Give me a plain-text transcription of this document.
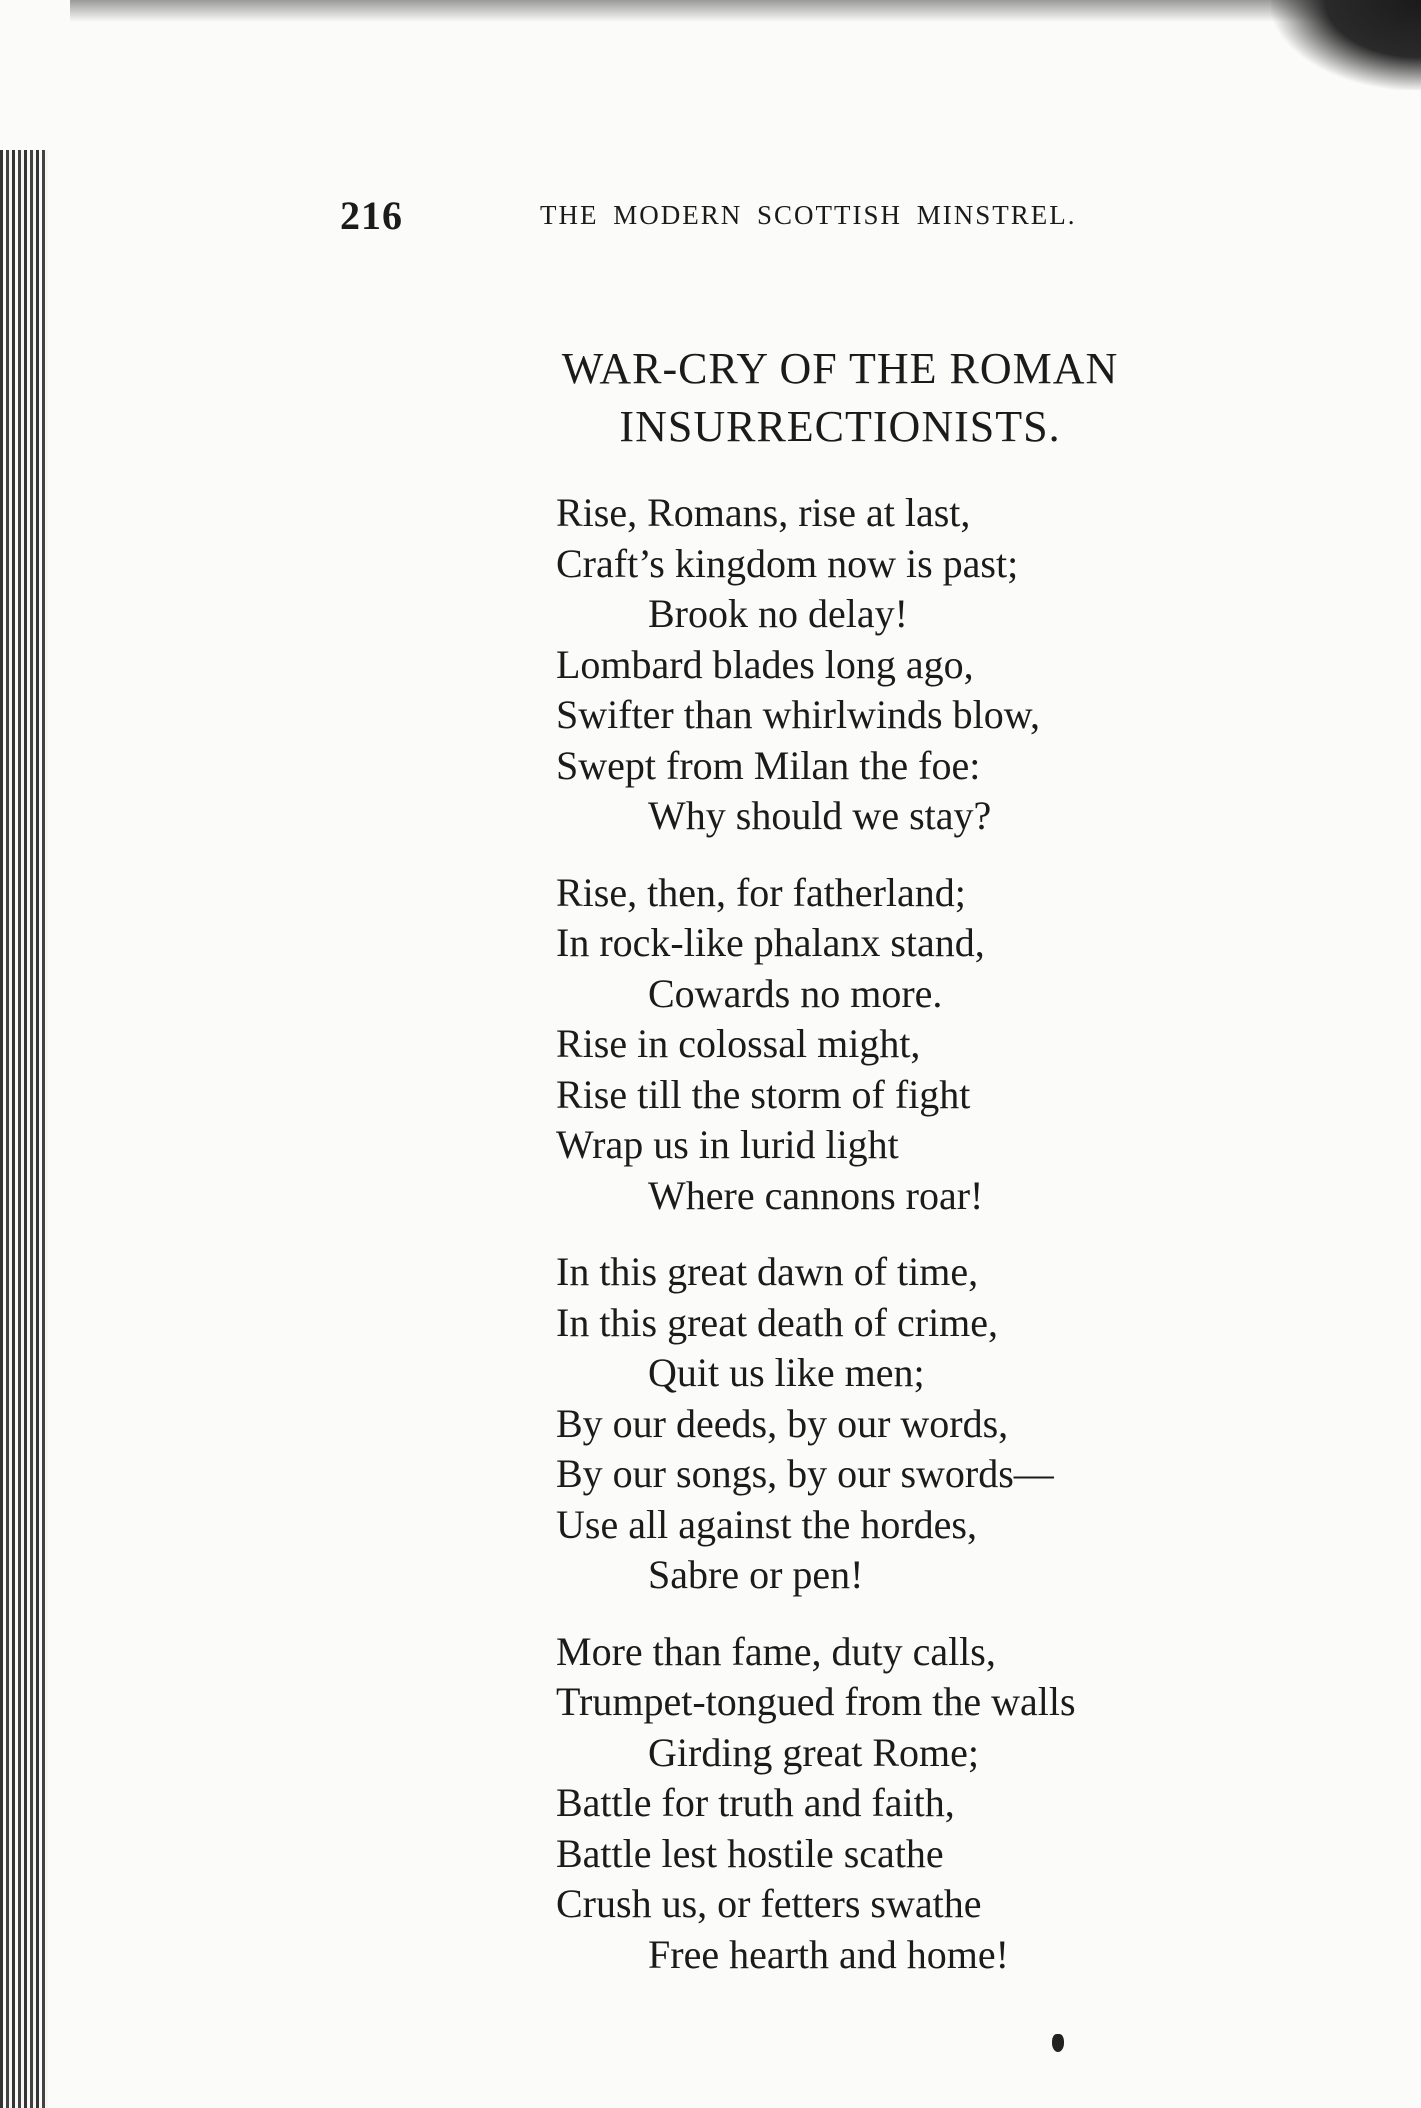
216	THE MODERN SCOTTISH MINSTREL.
WAR-CRY OF THE ROMAN
INSURRECTIONISTS.
Rise, Romans, rise at last,
Craft’s kingdom now is past;
Brook no delay!
Lombard blades long ago,
Swifter than whirlwinds blow,
Swept from Milan the foe:
Why should we stay?
Rise, then, for fatherland;
In rock-like phalanx stand,
Cowards no more.
Rise in colossal might,
Rise till the storm of fight
Wrap us in lurid light
Where cannons roar!
In this great dawn of time,
In this great death of crime,
Quit us like men;
By our deeds, by our words,
By our songs, by our swords—
Use all against the hordes,
Sabre or pen!
More than fame, duty calls,
Trumpet-tongued from the walls
Girding great Rome;
Battle for truth and faith,
Battle lest hostile scathe
Crush us, or fetters swathe
Free hearth and home!
